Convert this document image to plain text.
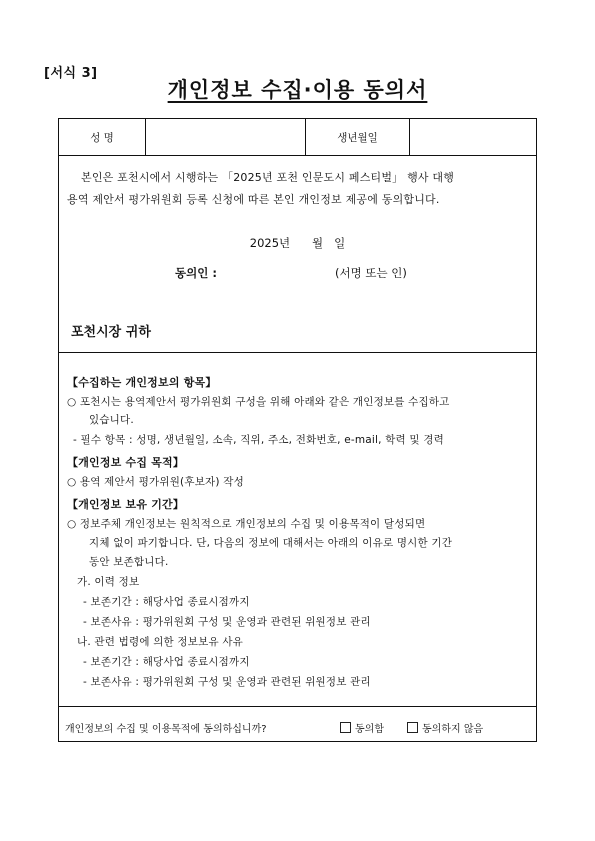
[서식 3]
개인정보 수집·이용 동의서
성 명	생년월일
본인은 포천시에서 시행하는 「2025년 포천 인문도시 페스티벌」 행사 대행
용역 제안서 평가위원회 등록 신청에 따른 본인 개인정보 제공에 동의합니다.
2025년      월   일
동의인 :	(서명 또는 인)
포천시장 귀하
【수집하는 개인정보의 항목】
○ 포천시는 용역제안서 평가위원회 구성을 위해 아래와 같은 개인정보를 수집하고
있습니다.
- 필수 항목 : 성명, 생년월일, 소속, 직위, 주소, 전화번호, e-mail, 학력 및 경력
【개인정보 수집 목적】
○ 용역 제안서 평가위원(후보자) 작성
【개인정보 보유 기간】
○ 정보주체 개인정보는 원칙적으로 개인정보의 수집 및 이용목적이 달성되면
지체 없이 파기합니다. 단, 다음의 정보에 대해서는 아래의 이유로 명시한 기간
동안 보존합니다.
가. 이력 정보
- 보존기간 : 해당사업 종료시점까지
- 보존사유 : 평가위원회 구성 및 운영과 관련된 위원정보 관리
나. 관련 법령에 의한 정보보유 사유
- 보존기간 : 해당사업 종료시점까지
- 보존사유 : 평가위원회 구성 및 운영과 관련된 위원정보 관리
개인정보의 수집 및 이용목적에 동의하십니까?	동의함	동의하지 않음
